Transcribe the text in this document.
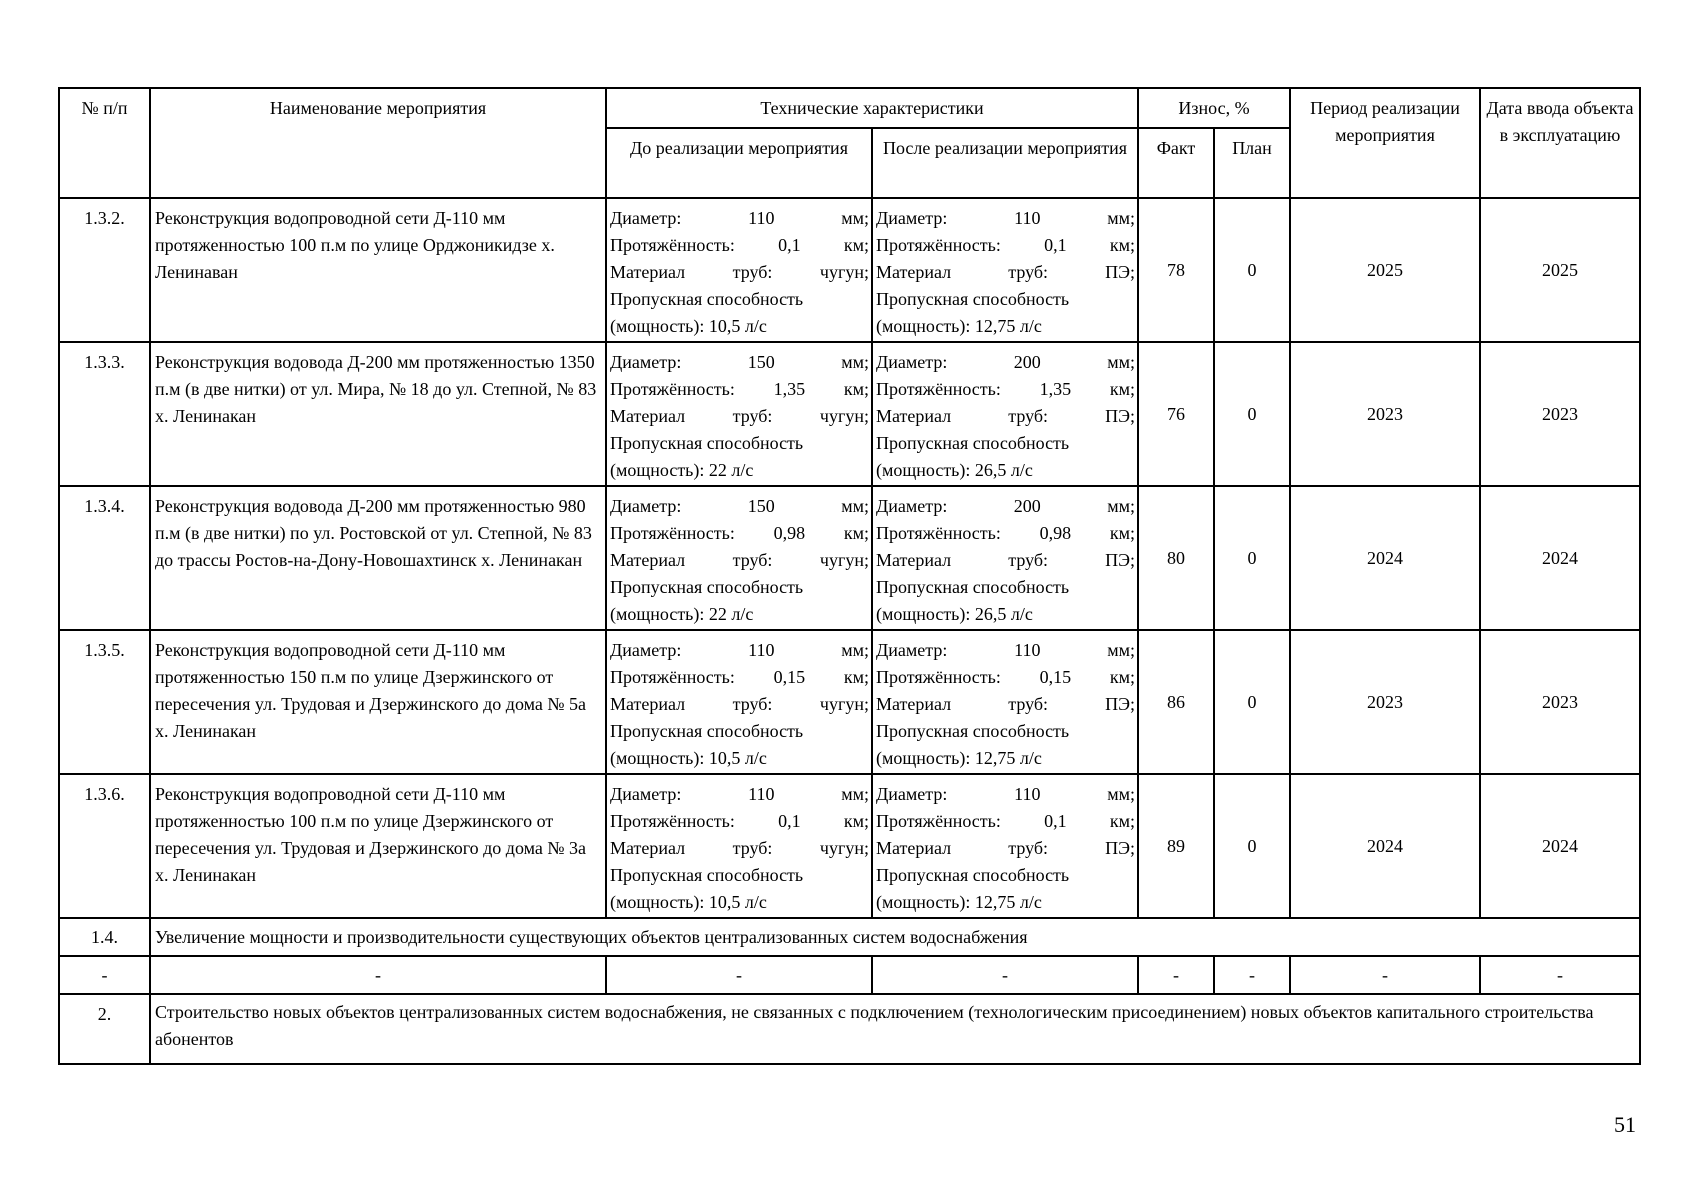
№ п/п	Наименование мероприятия	Технические характеристики		Износ, %		Период реализации мероприятия	Дата ввода объекта в эксплуатацию
		До реализации мероприятия	После реализации мероприятия	Факт	План		
1.3.2.	Реконструкция водопроводной сети Д-110 мм протяженностью 100 п.м по улице Орджоникидзе х. Ленинаван	Диаметр: 110 мм;
Протяжённость: 0,1 км;
Материал труб: чугун;
Пропускная способность
(мощность): 10,5 л/с	Диаметр: 110 мм;
Протяжённость: 0,1 км;
Материал труб: ПЭ;
Пропускная способность
(мощность): 12,75 л/с	78	0	2025	2025
1.3.3.	Реконструкция водовода Д-200 мм протяженностью 1350 п.м (в две нитки) от ул. Мира, № 18 до ул. Степной, № 83 х. Ленинакан	Диаметр: 150 мм;
Протяжённость: 1,35 км;
Материал труб: чугун;
Пропускная способность
(мощность): 22 л/с	Диаметр: 200 мм;
Протяжённость: 1,35 км;
Материал труб: ПЭ;
Пропускная способность
(мощность): 26,5 л/с	76	0	2023	2023
1.3.4.	Реконструкция водовода Д-200 мм протяженностью 980 п.м (в две нитки) по ул. Ростовской от ул. Степной, № 83 до трассы Ростов-на-Дону-Новошахтинск х. Ленинакан	Диаметр: 150 мм;
Протяжённость: 0,98 км;
Материал труб: чугун;
Пропускная способность
(мощность): 22 л/с	Диаметр: 200 мм;
Протяжённость: 0,98 км;
Материал труб: ПЭ;
Пропускная способность
(мощность): 26,5 л/с	80	0	2024	2024
1.3.5.	Реконструкция водопроводной сети Д-110 мм протяженностью 150 п.м по улице Дзержинского от пересечения ул. Трудовая и Дзержинского до дома № 5а х. Ленинакан	Диаметр: 110 мм;
Протяжённость: 0,15 км;
Материал труб: чугун;
Пропускная способность
(мощность): 10,5 л/с	Диаметр: 110 мм;
Протяжённость: 0,15 км;
Материал труб: ПЭ;
Пропускная способность
(мощность): 12,75 л/с	86	0	2023	2023
1.3.6.	Реконструкция водопроводной сети Д-110 мм протяженностью 100 п.м по улице Дзержинского от пересечения ул. Трудовая и Дзержинского до дома № 3а х. Ленинакан	Диаметр: 110 мм;
Протяжённость: 0,1 км;
Материал труб: чугун;
Пропускная способность
(мощность): 10,5 л/с	Диаметр: 110 мм;
Протяжённость: 0,1 км;
Материал труб: ПЭ;
Пропускная способность
(мощность): 12,75 л/с	89	0	2024	2024
1.4.	Увеличение мощности и производительности существующих объектов централизованных систем водоснабжения						
-	-	-	-	-	-	-	-
2.	Строительство новых объектов централизованных систем водоснабжения, не связанных с подключением (технологическим присоединением) новых объектов капитального строительства абонентов						
51
